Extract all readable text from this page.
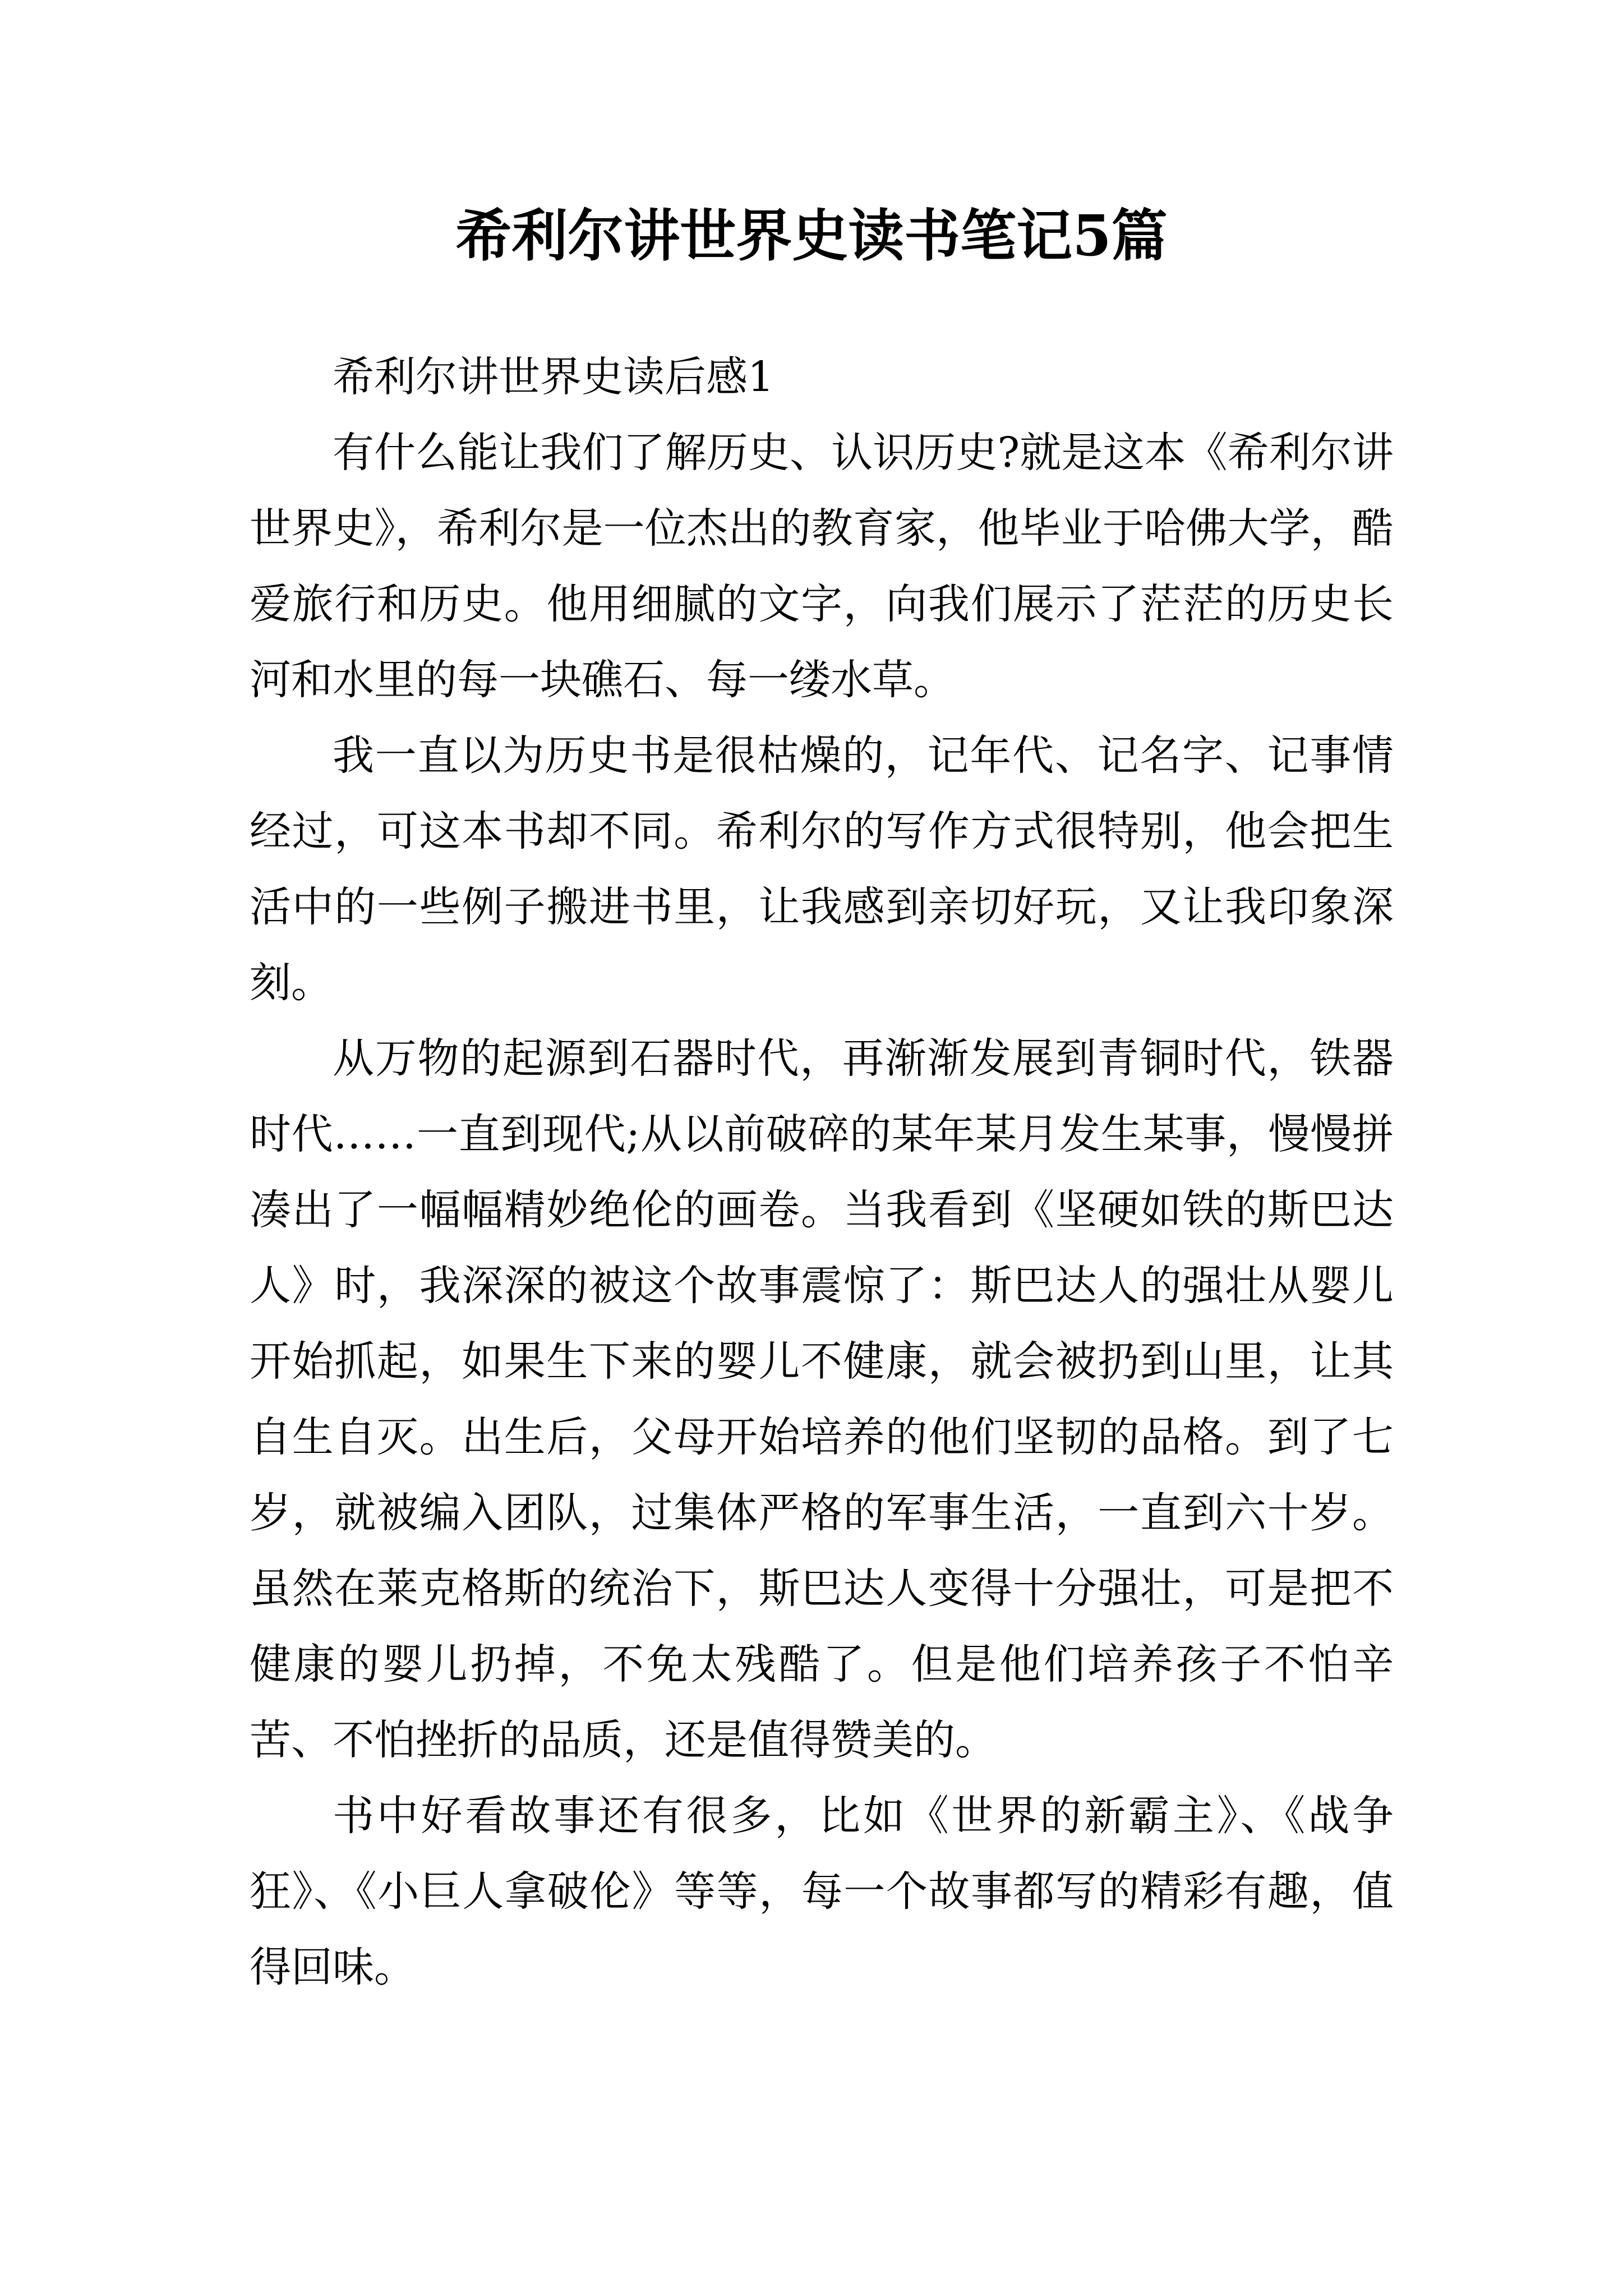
希利尔讲世界史读书笔记5篇

希利尔讲世界史读后感1

有什么能让我们了解历史、认识历史?就是这本《希利尔讲世界史》，希利尔是一位杰出的教育家，他毕业于哈佛大学，酷爱旅行和历史。他用细腻的文字，向我们展示了茫茫的历史长河和水里的每一块礁石、每一缕水草。

我一直以为历史书是很枯燥的，记年代、记名字、记事情经过，可这本书却不同。希利尔的写作方式很特别，他会把生活中的一些例子搬进书里，让我感到亲切好玩，又让我印象深刻。

从万物的起源到石器时代，再渐渐发展到青铜时代，铁器时代……一直到现代;从以前破碎的某年某月发生某事，慢慢拼凑出了一幅幅精妙绝伦的画卷。当我看到《坚硬如铁的斯巴达人》时，我深深的被这个故事震惊了：斯巴达人的强壮从婴儿开始抓起，如果生下来的婴儿不健康，就会被扔到山里，让其自生自灭。出生后，父母开始培养的他们坚韧的品格。到了七岁，就被编入团队，过集体严格的军事生活，一直到六十岁。虽然在莱克格斯的统治下，斯巴达人变得十分强壮，可是把不健康的婴儿扔掉，不免太残酷了。但是他们培养孩子不怕辛苦、不怕挫折的品质，还是值得赞美的。

书中好看故事还有很多，比如《世界的新霸主》、《战争狂》、《小巨人拿破伦》等等，每一个故事都写的精彩有趣，值得回味。
